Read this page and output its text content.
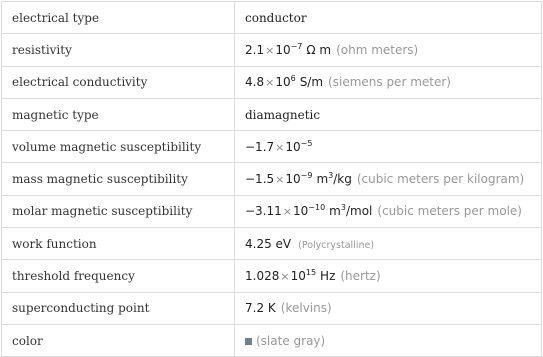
electrical type	conductor
resistivity	$2.1\times 10^{-7}$ Ω m (ohm meters)
electrical conductivity	$4.8\times 10^6$ S/m (siemens per meter)
magnetic type	diamagnetic
volume magnetic susceptibility	$-1.7\times 10^{-5}$
mass magnetic susceptibility	$-1.5\times 10^{-9}$ $m^3/kg$ (cubic meters per kilogram)
molar magnetic susceptibility	$-3.11\times 10^{-10}$ $m^3$/mol (cubic meters per mole)
work function	4.25 eV (Polycrystalline)
threshold frequency	$1.028\times 10^{15}$ Hz (hertz)
superconducting point	7.2 K (kelvins)
color	(slate gray)
